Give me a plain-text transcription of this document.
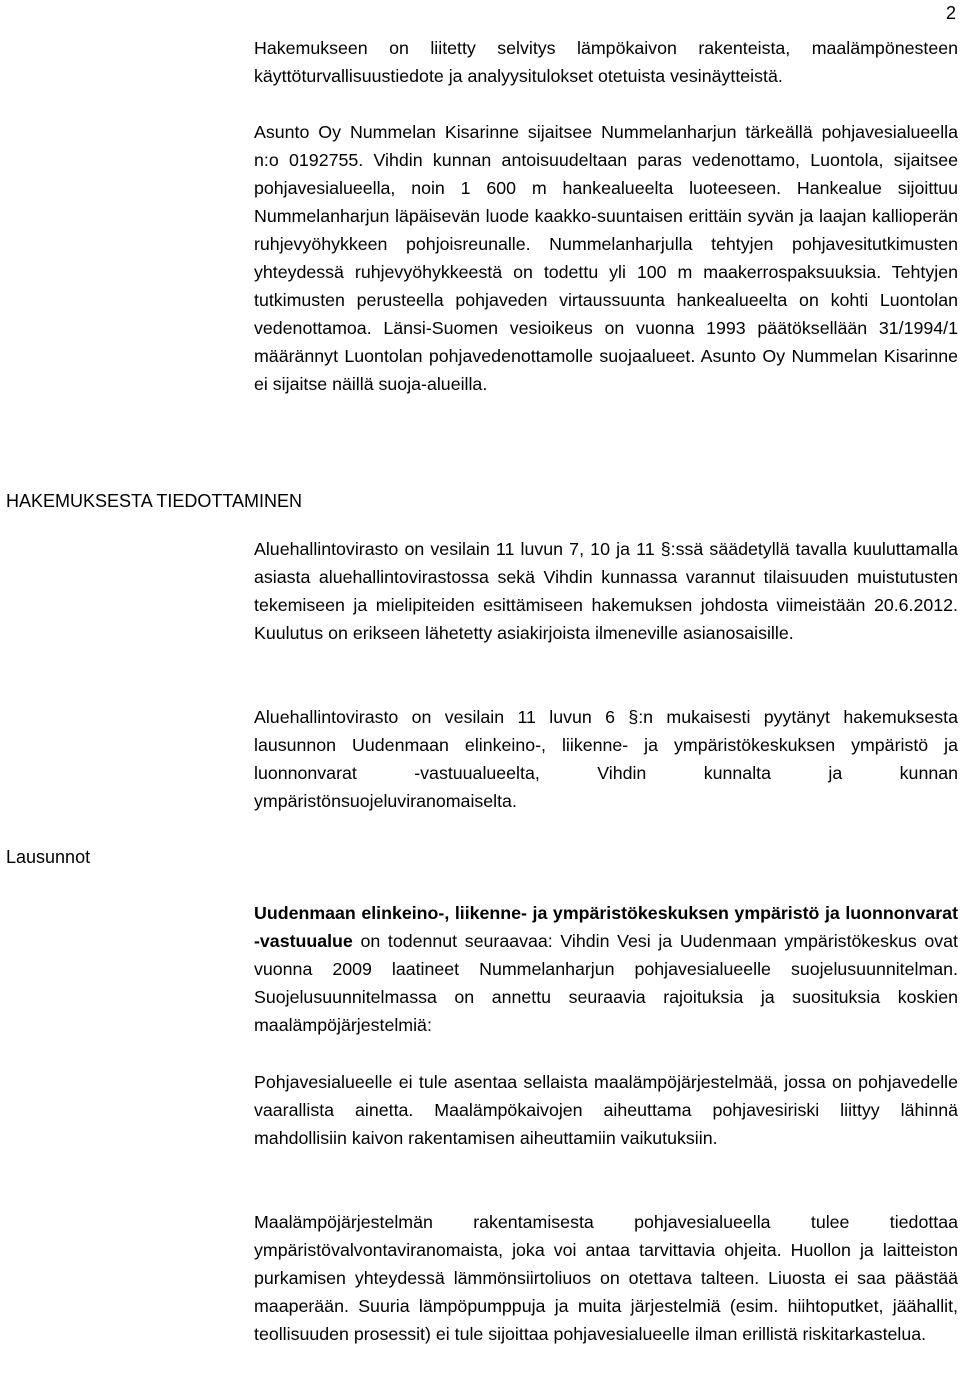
2

Hakemukseen on liitetty selvitys lämpökaivon rakenteista, maalämpönesteen käyttöturvallisuustiedote ja analyysitulokset otetuista vesinäytteistä.

Asunto Oy Nummelan Kisarinne sijaitsee Nummelanharjun tärkeällä pohjavesialueella n:o 0192755. Vihdin kunnan antoisuudeltaan paras vedenottamo, Luontola, sijaitsee pohjavesialueella, noin 1 600 m hankealueelta luoteeseen. Hankealue sijoittuu Nummelanharjun läpäisevän luode kaakko-suuntaisen erittäin syvän ja laajan kallioperän ruhjevyöhykkeen pohjoisreunalle. Nummelanharjulla tehtyjen pohjavesitutkimusten yhteydessä ruhjevyöhykkeestä on todettu yli 100 m maakerrospaksuuksia. Tehtyjen tutkimusten perusteella pohjaveden virtaussuunta hankealueelta on kohti Luontolan vedenottamoa. Länsi-Suomen vesioikeus on vuonna 1993 päätöksellään 31/1994/1 määrännyt Luontolan pohjavedenottamolle suojaalueet. Asunto Oy Nummelan Kisarinne ei sijaitse näillä suoja-alueilla.

HAKEMUKSESTA TIEDOTTAMINEN

Aluehallintovirasto on vesilain 11 luvun 7, 10 ja 11 §:ssä säädetyllä tavalla kuuluttamalla asiasta aluehallintovirastossa sekä Vihdin kunnassa varannut tilaisuuden muistutusten tekemiseen ja mielipiteiden esittämiseen hakemuksen johdosta viimeistään 20.6.2012. Kuulutus on erikseen lähetetty asiakirjoista ilmeneville asianosaisille.

Aluehallintovirasto on vesilain 11 luvun 6 §:n mukaisesti pyytänyt hakemuksesta lausunnon Uudenmaan elinkeino-, liikenne- ja ympäristökeskuksen ympäristö ja luonnonvarat -vastuualueelta, Vihdin kunnalta ja kunnan ympäristönsuojeluviranomaiselta.

Lausunnot

Uudenmaan elinkeino-, liikenne- ja ympäristökeskuksen ympäristö ja luonnonvarat -vastuualue on todennut seuraavaa: Vihdin Vesi ja Uudenmaan ympäristökeskus ovat vuonna 2009 laatineet Nummelanharjun pohjavesialueelle suojelusuunnitelman. Suojelusuunnitelmassa on annettu seuraavia rajoituksia ja suosituksia koskien maalämpöjärjestelmiä:

Pohjavesialueelle ei tule asentaa sellaista maalämpöjärjestelmää, jossa on pohjavedelle vaarallista ainetta. Maalämpökaivojen aiheuttama pohjavesiriski liittyy lähinnä mahdollisiin kaivon rakentamisen aiheuttamiin vaikutuksiin.

Maalämpöjärjestelmän rakentamisesta pohjavesialueella tulee tiedottaa ympäristövalvontaviranomaista, joka voi antaa tarvittavia ohjeita. Huollon ja laitteiston purkamisen yhteydessä lämmönsiirtoliuos on otettava talteen. Liuosta ei saa päästää maaperään. Suuria lämpöpumppuja ja muita järjestelmiä (esim. hiihtoputket, jäähallit, teollisuuden prosessit) ei tule sijoittaa pohjavesialueelle ilman erillistä riskitarkastelua.
